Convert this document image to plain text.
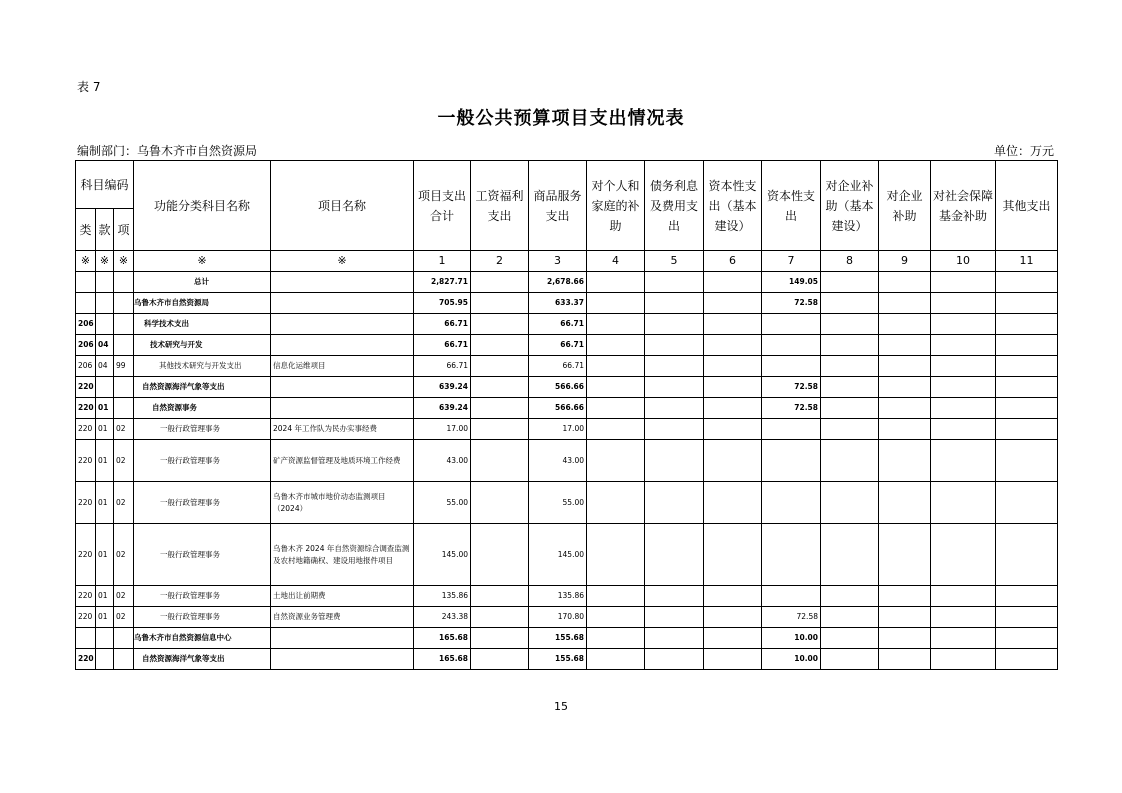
表 7
一般公共预算项目支出情况表
编制部门：乌鲁木齐市自然资源局	单位：万元
科目编码			功能分类科目名称	项目名称	项目支出合计	工资福利支出	商品服务支出	对个人和家庭的补助	债务利息及费用支出	资本性支出（基本建设）	资本性支出	对企业补助（基本建设）	对企业补助	对社会保障基金补助	其他支出
类	款	项													
※	※	※	※	※	1	2	3	4	5	6	7	8	9	10	11
			总计		2,827.71		2,678.66				149.05				
			乌鲁木齐市自然资源局		705.95		633.37				72.58				
206			科学技术支出		66.71		66.71								
206	04		技术研究与开发		66.71		66.71								
206	04	99	其他技术研究与开发支出	信息化运维项目	66.71		66.71								
220			自然资源海洋气象等支出		639.24		566.66				72.58				
220	01		自然资源事务		639.24		566.66				72.58				
220	01	02	一般行政管理事务	2024 年工作队为民办实事经费	17.00		17.00								
220	01	02	一般行政管理事务	矿产资源监督管理及地质环境工作经费	43.00		43.00								
220	01	02	一般行政管理事务	乌鲁木齐市城市地价动态监测项目（2024）	55.00		55.00								
220	01	02	一般行政管理事务	乌鲁木齐 2024 年自然资源综合调查监测及农村地籍确权、建设用地报件项目	145.00		145.00								
220	01	02	一般行政管理事务	土地出让前期费	135.86		135.86								
220	01	02	一般行政管理事务	自然资源业务管理费	243.38		170.80				72.58				
			乌鲁木齐市自然资源信息中心		165.68		155.68				10.00				
220			自然资源海洋气象等支出		165.68		155.68				10.00				
15
